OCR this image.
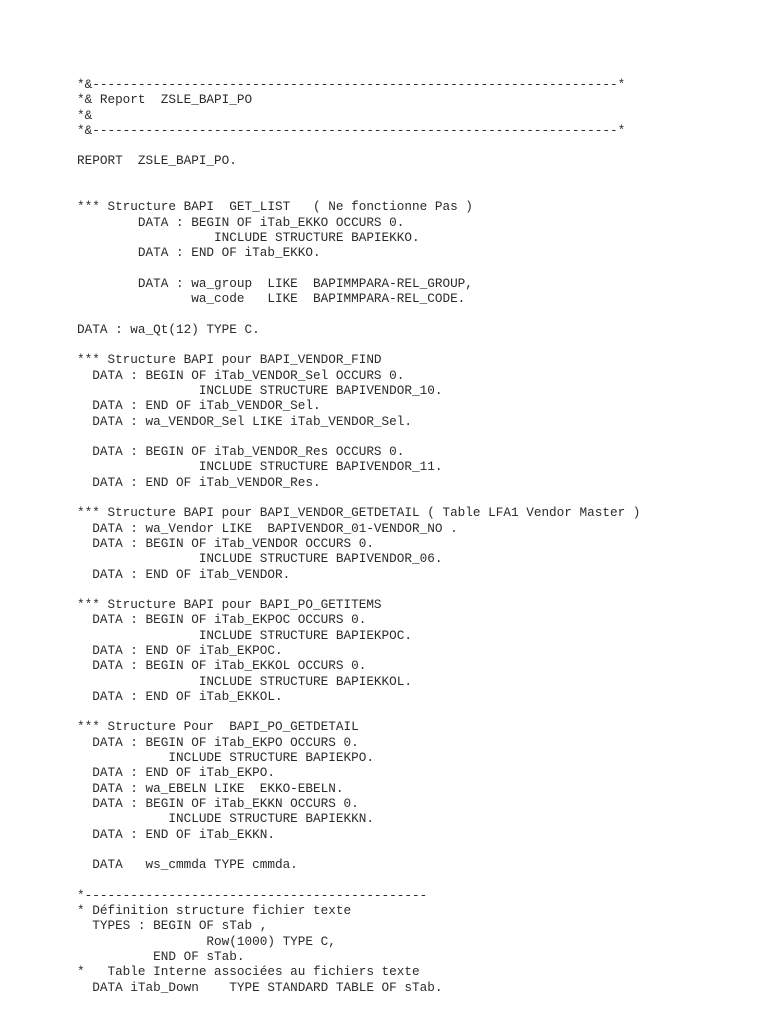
*&---------------------------------------------------------------------*
*& Report  ZSLE_BAPI_PO
*&
*&---------------------------------------------------------------------*
REPORT  ZSLE_BAPI_PO.
*** Structure BAPI  GET_LIST   ( Ne fonctionne Pas )
DATA : BEGIN OF iTab_EKKO OCCURS 0.
INCLUDE STRUCTURE BAPIEKKO.
DATA : END OF iTab_EKKO.
DATA : wa_group  LIKE  BAPIMMPARA-REL_GROUP,
wa_code   LIKE  BAPIMMPARA-REL_CODE.
DATA : wa_Qt(12) TYPE C.
*** Structure BAPI pour BAPI_VENDOR_FIND
DATA : BEGIN OF iTab_VENDOR_Sel OCCURS 0.
INCLUDE STRUCTURE BAPIVENDOR_10.
DATA : END OF iTab_VENDOR_Sel.
DATA : wa_VENDOR_Sel LIKE iTab_VENDOR_Sel.
DATA : BEGIN OF iTab_VENDOR_Res OCCURS 0.
INCLUDE STRUCTURE BAPIVENDOR_11.
DATA : END OF iTab_VENDOR_Res.
*** Structure BAPI pour BAPI_VENDOR_GETDETAIL ( Table LFA1 Vendor Master )
DATA : wa_Vendor LIKE  BAPIVENDOR_01-VENDOR_NO .
DATA : BEGIN OF iTab_VENDOR OCCURS 0.
INCLUDE STRUCTURE BAPIVENDOR_06.
DATA : END OF iTab_VENDOR.
*** Structure BAPI pour BAPI_PO_GETITEMS
DATA : BEGIN OF iTab_EKPOC OCCURS 0.
INCLUDE STRUCTURE BAPIEKPOC.
DATA : END OF iTab_EKPOC.
DATA : BEGIN OF iTab_EKKOL OCCURS 0.
INCLUDE STRUCTURE BAPIEKKOL.
DATA : END OF iTab_EKKOL.
*** Structure Pour  BAPI_PO_GETDETAIL
DATA : BEGIN OF iTab_EKPO OCCURS 0.
INCLUDE STRUCTURE BAPIEKPO.
DATA : END OF iTab_EKPO.
DATA : wa_EBELN LIKE  EKKO-EBELN.
DATA : BEGIN OF iTab_EKKN OCCURS 0.
INCLUDE STRUCTURE BAPIEKKN.
DATA : END OF iTab_EKKN.
DATA   ws_cmmda TYPE cmmda.
*---------------------------------------------
* Définition structure fichier texte
TYPES : BEGIN OF sTab ,
Row(1000) TYPE C,
END OF sTab.
*   Table Interne associées au fichiers texte
DATA iTab_Down    TYPE STANDARD TABLE OF sTab.
